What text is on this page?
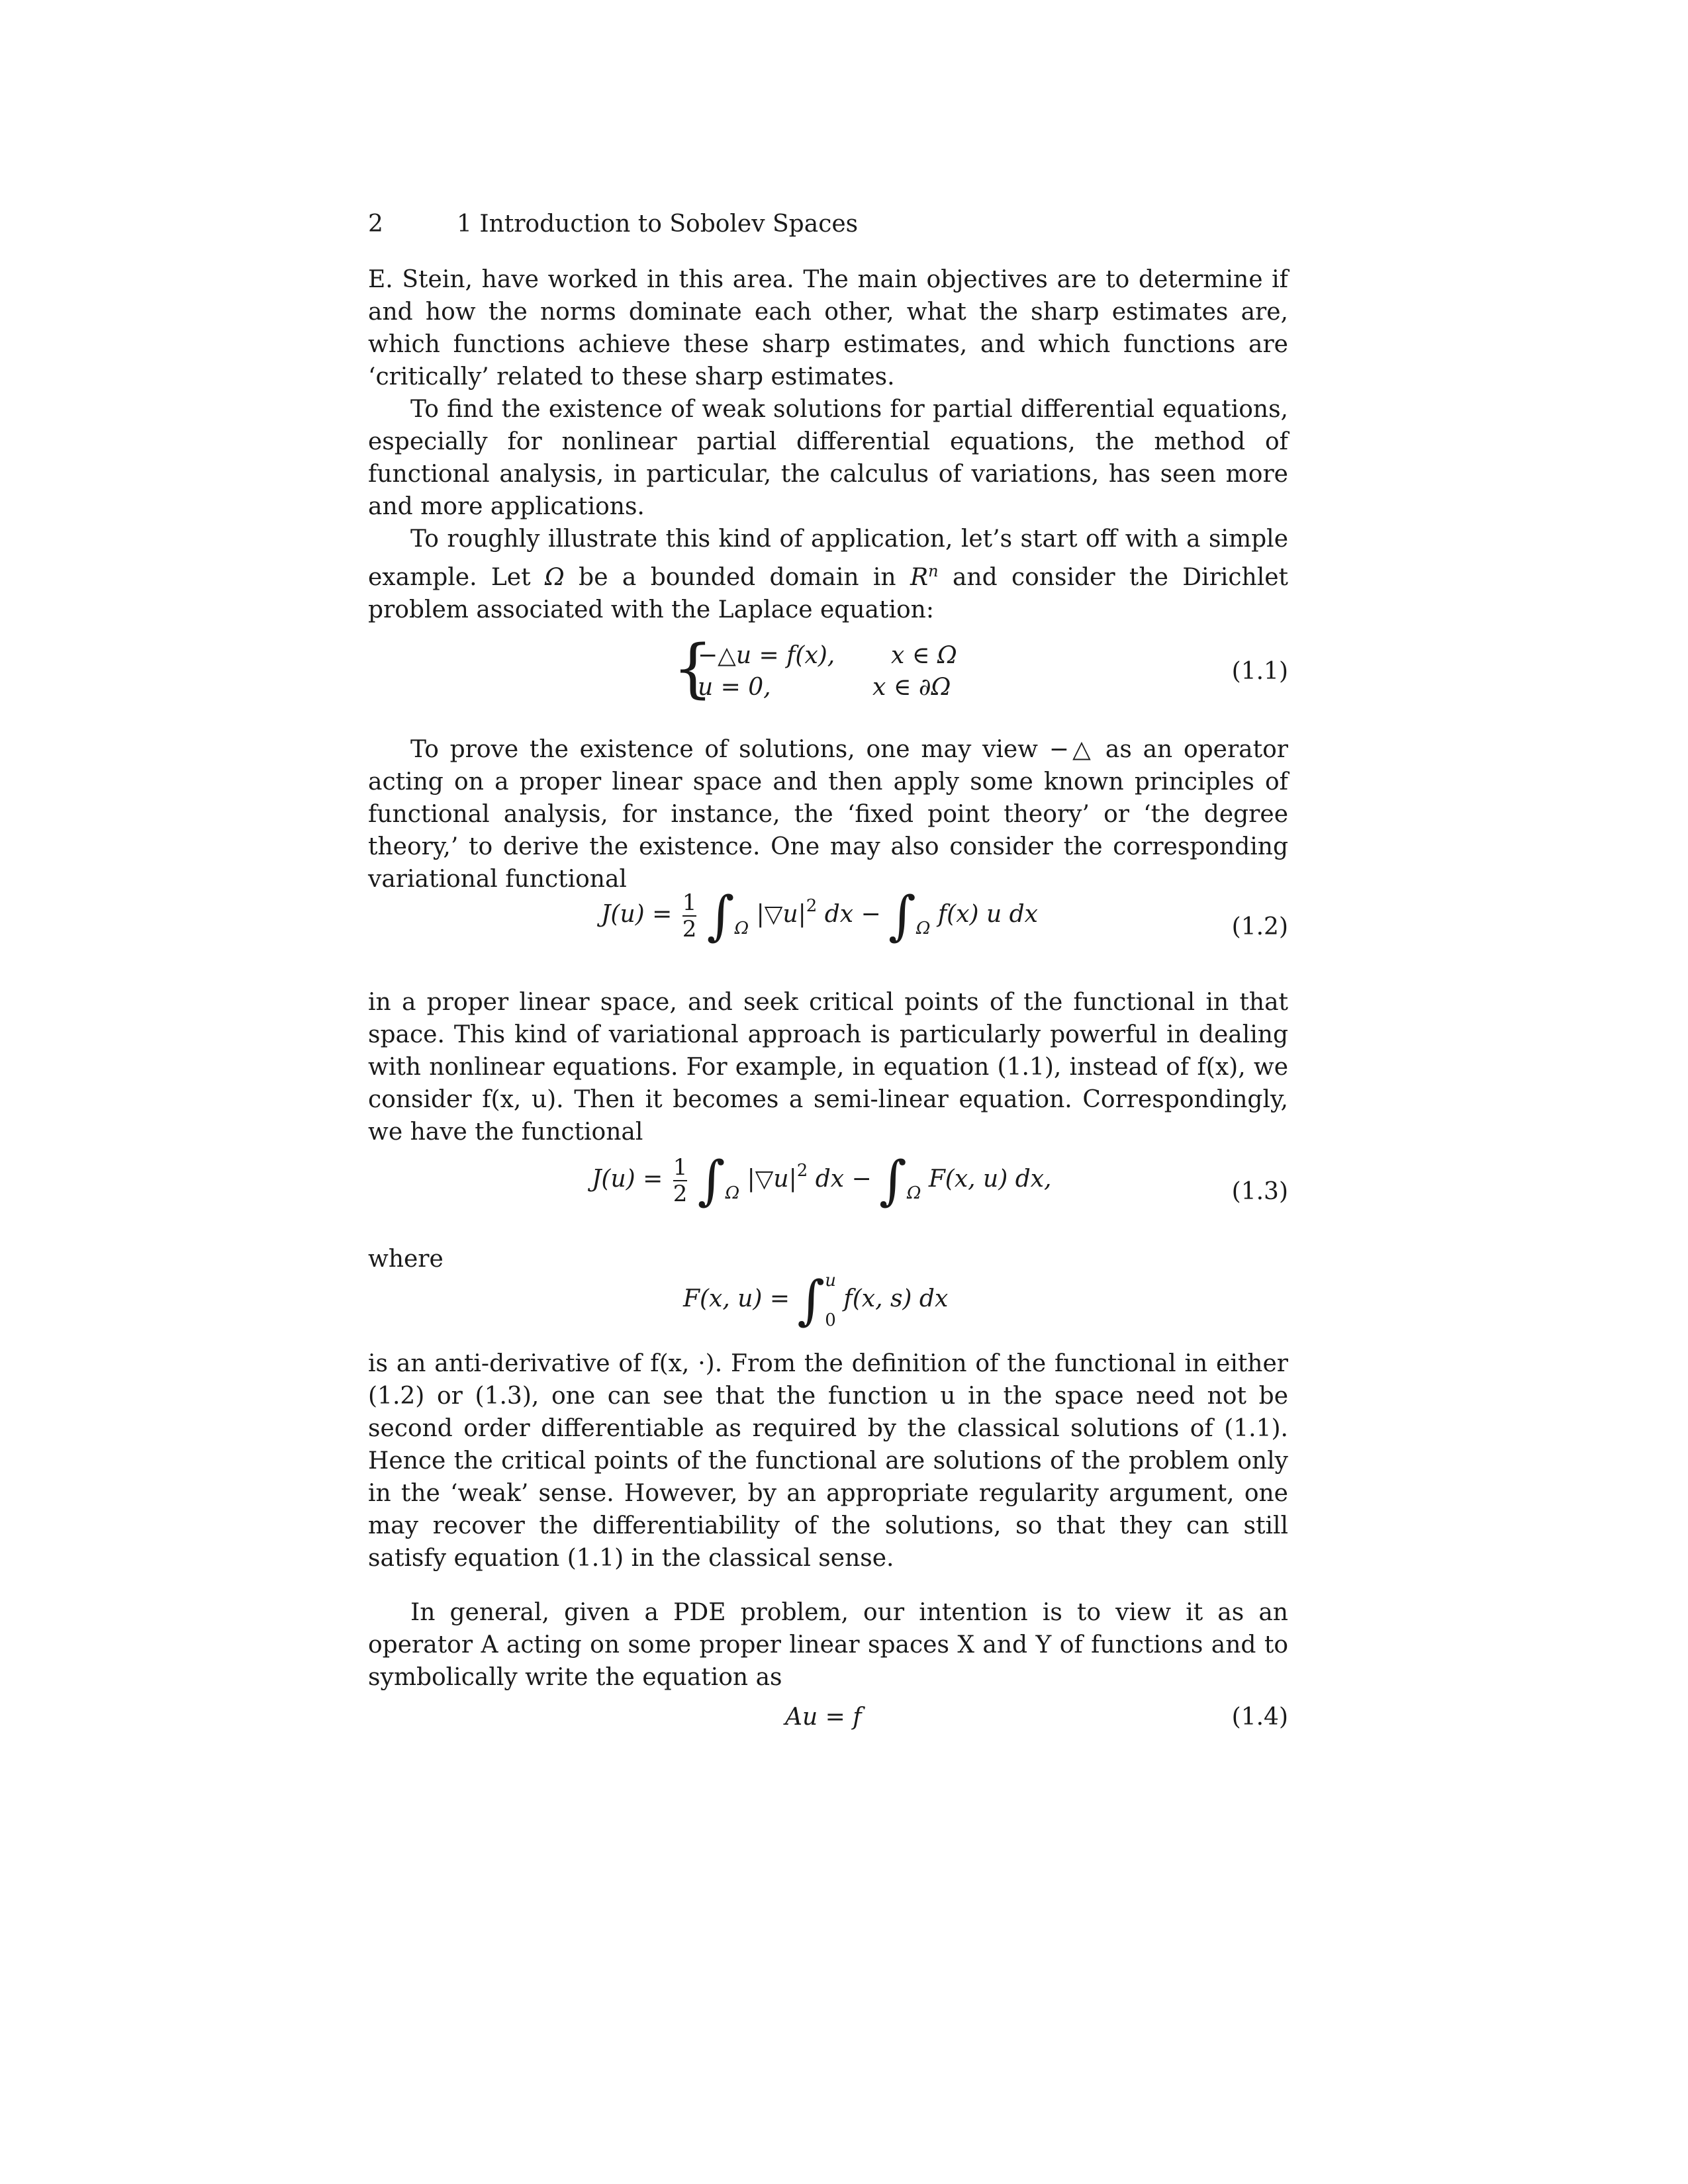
2	1 Introduction to Sobolev Spaces

E. Stein, have worked in this area. The main objectives are to determine if and how the norms dominate each other, what the sharp estimates are, which functions achieve these sharp estimates, and which functions are ‘critically’ related to these sharp estimates.

To find the existence of weak solutions for partial differential equations, especially for nonlinear partial differential equations, the method of functional analysis, in particular, the calculus of variations, has seen more and more applications.

To roughly illustrate this kind of application, let’s start off with a simple example. Let Ω be a bounded domain in $R^n$ and consider the Dirichlet problem associated with the Laplace equation:

{
−△u = f(x), x ∈ Ω
u = 0,	x ∈ ∂Ω
(1.1)

To prove the existence of solutions, one may view −△ as an operator acting on a proper linear space and then apply some known principles of functional analysis, for instance, the ‘fixed point theory’ or ‘the degree theory,’ to derive the existence. One may also consider the corresponding variational functional

$J(u) = \frac{1}{2} \int_\Omega$ $|▽u|^2$ dx − $\int_\Omega$ f(x) u dx	(1.2)

in a proper linear space, and seek critical points of the functional in that space. This kind of variational approach is particularly powerful in dealing with nonlinear equations. For example, in equation (1.1), instead of f(x), we consider f(x, u). Then it becomes a semi-linear equation. Correspondingly, we have the functional

$J(u) = \frac{1}{2} \int_\Omega$ $|▽u|^2$ dx − $\int_\Omega$ F(x, u) dx,	(1.3)

where

F(x, u) = ∫ u
0
f(x, s) dx

is an anti-derivative of f(x, ·). From the definition of the functional in either (1.2) or (1.3), one can see that the function u in the space need not be second order differentiable as required by the classical solutions of (1.1). Hence the critical points of the functional are solutions of the problem only in the ‘weak’ sense. However, by an appropriate regularity argument, one may recover the differentiability of the solutions, so that they can still satisfy equation (1.1) in the classical sense.

In general, given a PDE problem, our intention is to view it as an operator A acting on some proper linear spaces X and Y of functions and to symbolically write the equation as

Au = f	(1.4)
